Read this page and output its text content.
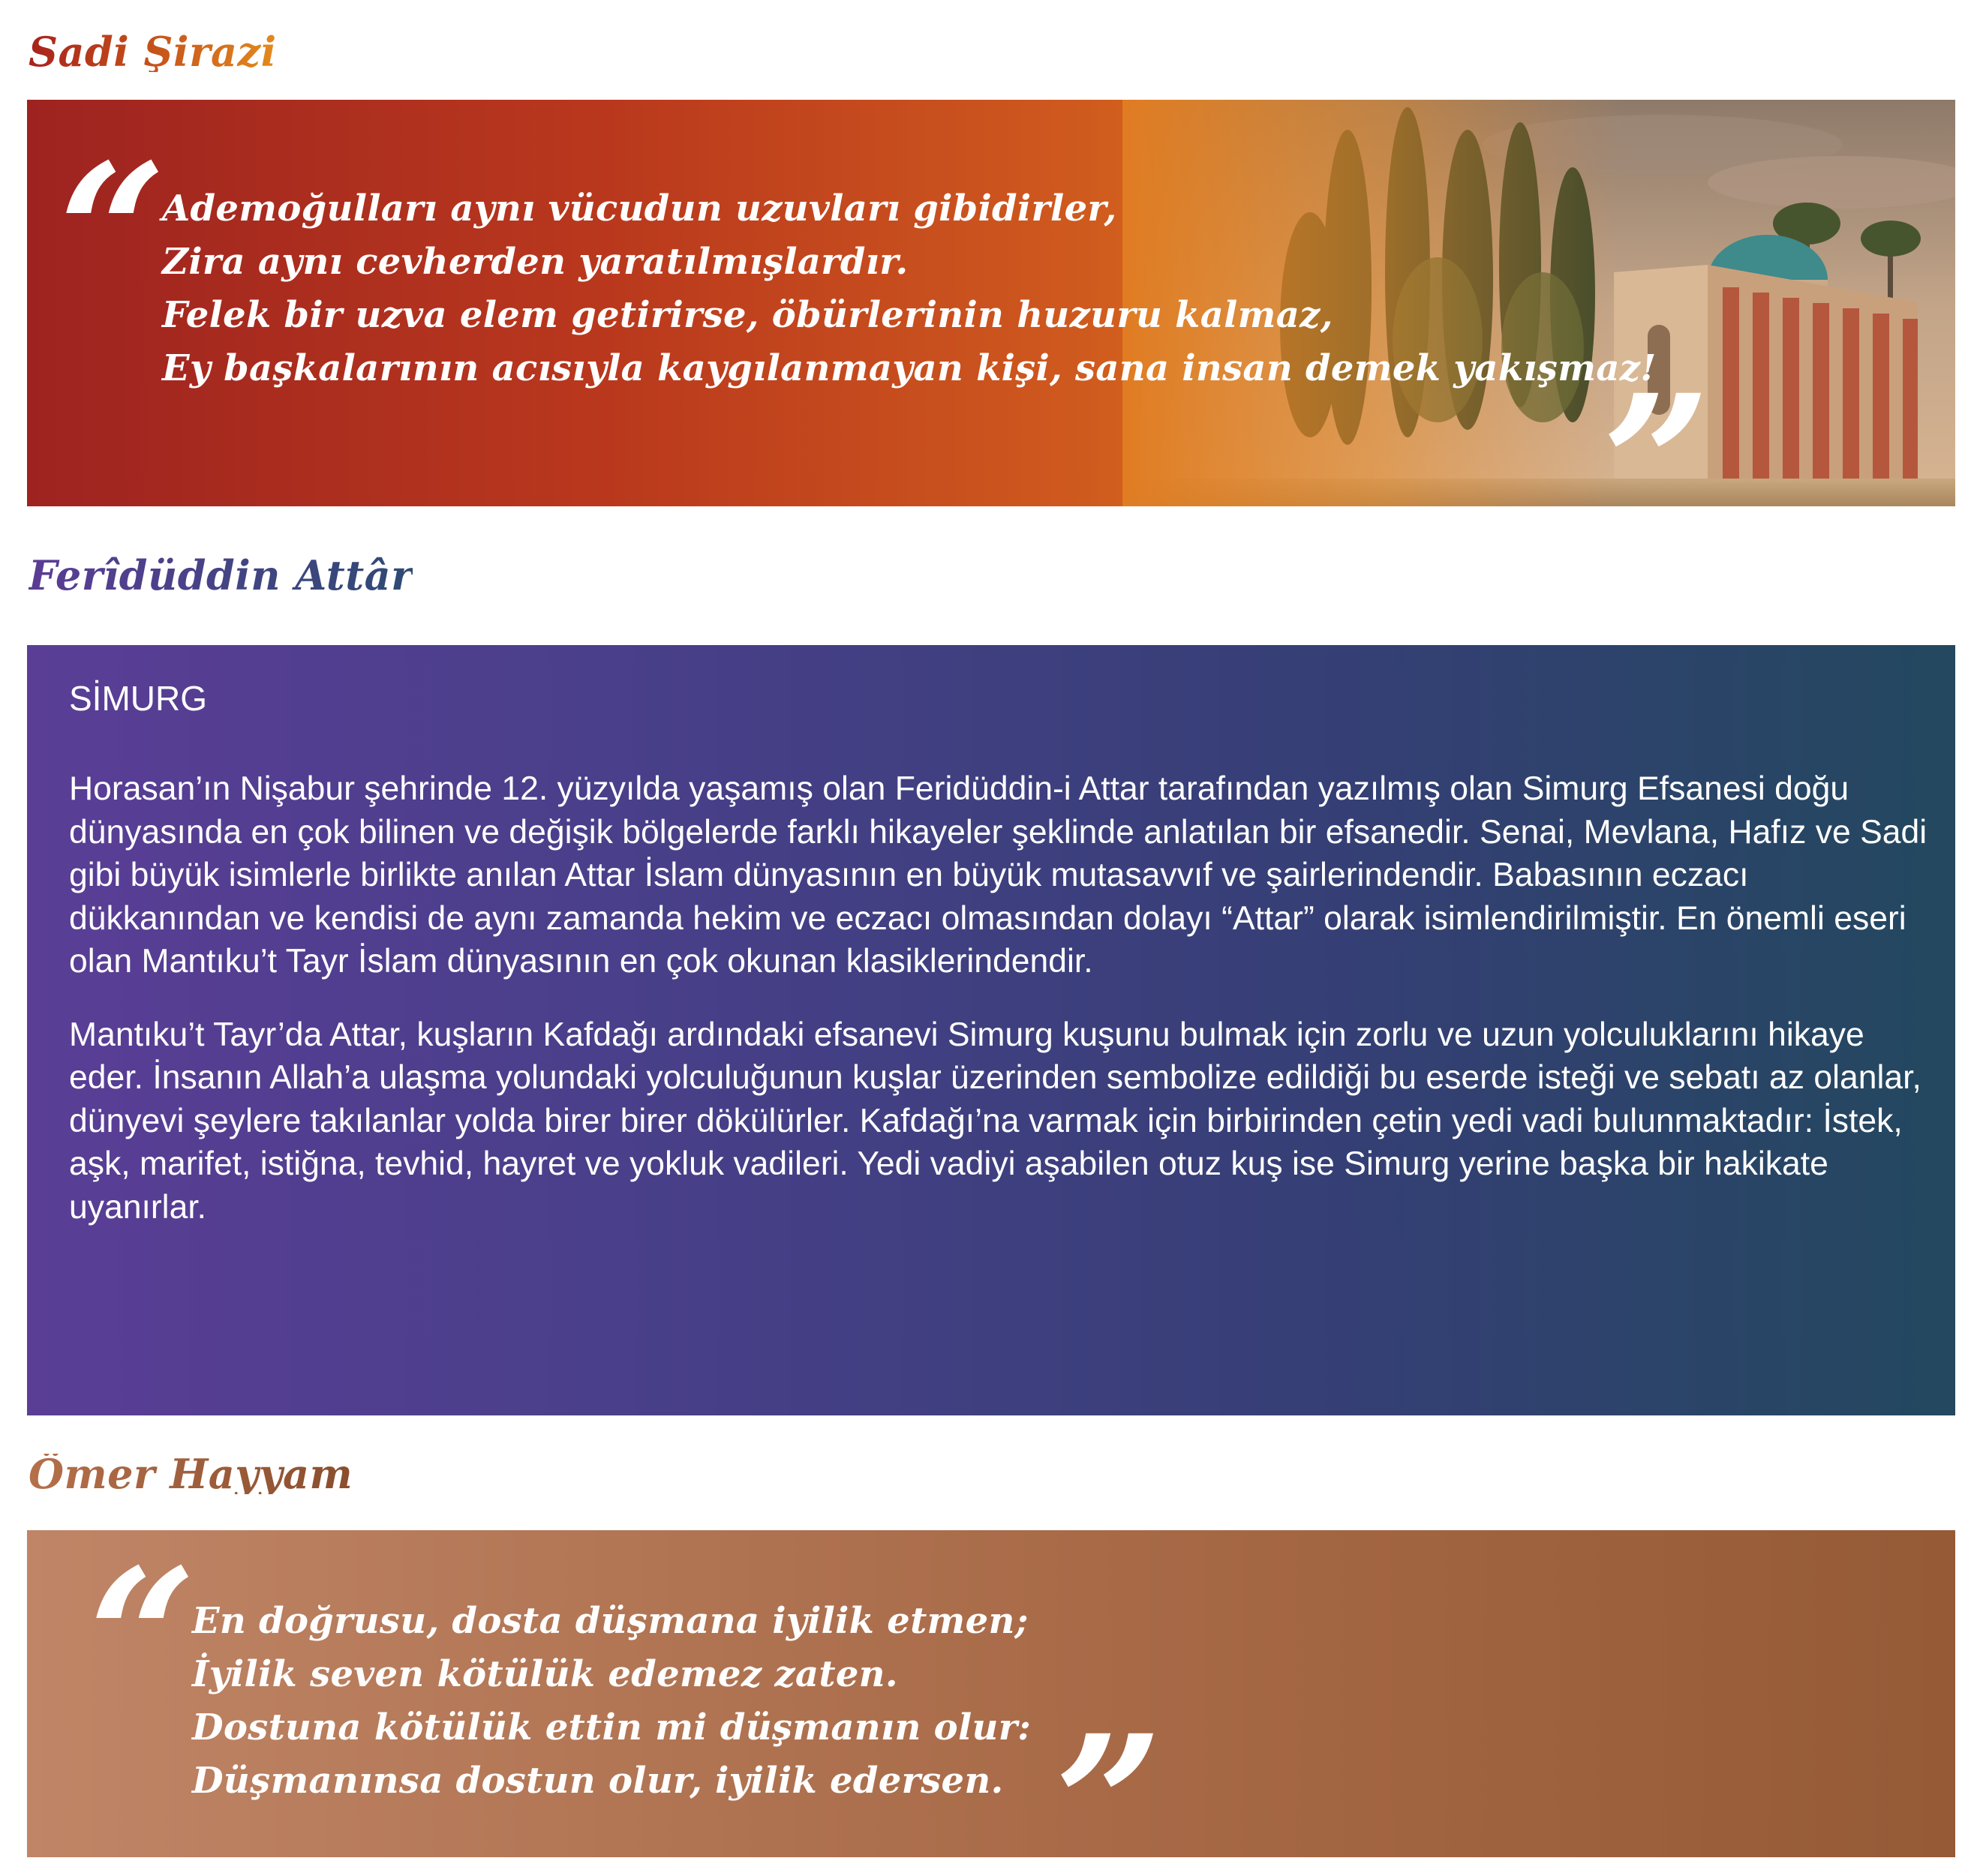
Sadi Şirazi
“
Ademoğulları aynı vücudun uzuvları gibidirler,
Zira aynı cevherden yaratılmışlardır.
Felek bir uzva elem getirirse, öbürlerinin huzuru kalmaz,
Ey başkalarının acısıyla kaygılanmayan kişi, sana insan demek yakışmaz!
”
Ferîdüddin Attâr
SİMURG

Horasan’ın Nişabur şehrinde 12. yüzyılda yaşamış olan Feridüddin-i Attar tarafından yazılmış olan Simurg Efsanesi doğu dünyasında en çok bilinen ve değişik bölgelerde farklı hikayeler şeklinde anlatılan bir efsanedir. Senai, Mevlana, Hafız ve Sadi gibi büyük isimlerle birlikte anılan Attar İslam dünyasının en büyük mutasavvıf ve şairlerindendir. Babasının eczacı dükkanından ve kendisi de aynı zamanda hekim ve eczacı olmasından dolayı “Attar” olarak isimlendirilmiştir. En önemli eseri olan Mantıku’t Tayr İslam dünyasının en çok okunan klasiklerindendir.

Mantıku’t Tayr’da Attar, kuşların Kafdağı ardındaki efsanevi Simurg kuşunu bulmak için zorlu ve uzun yolculuklarını hikaye eder. İnsanın Allah’a ulaşma yolundaki yolculuğunun kuşlar üzerinden sembolize edildiği bu eserde isteği ve sebatı az olanlar, dünyevi şeylere takılanlar yolda birer birer dökülürler. Kafdağı’na varmak için birbirinden çetin yedi vadi bulunmaktadır: İstek, aşk, marifet, istiğna, tevhid, hayret ve yokluk vadileri. Yedi vadiyi aşabilen otuz kuş ise Simurg yerine başka bir hakikate uyanırlar.

Ömer Hayyam
“
En doğrusu, dosta düşmana iyilik etmen;
İyilik seven kötülük edemez zaten.
Dostuna kötülük ettin mi düşmanın olur:
Düşmanınsa dostun olur, iyilik edersen. ”
